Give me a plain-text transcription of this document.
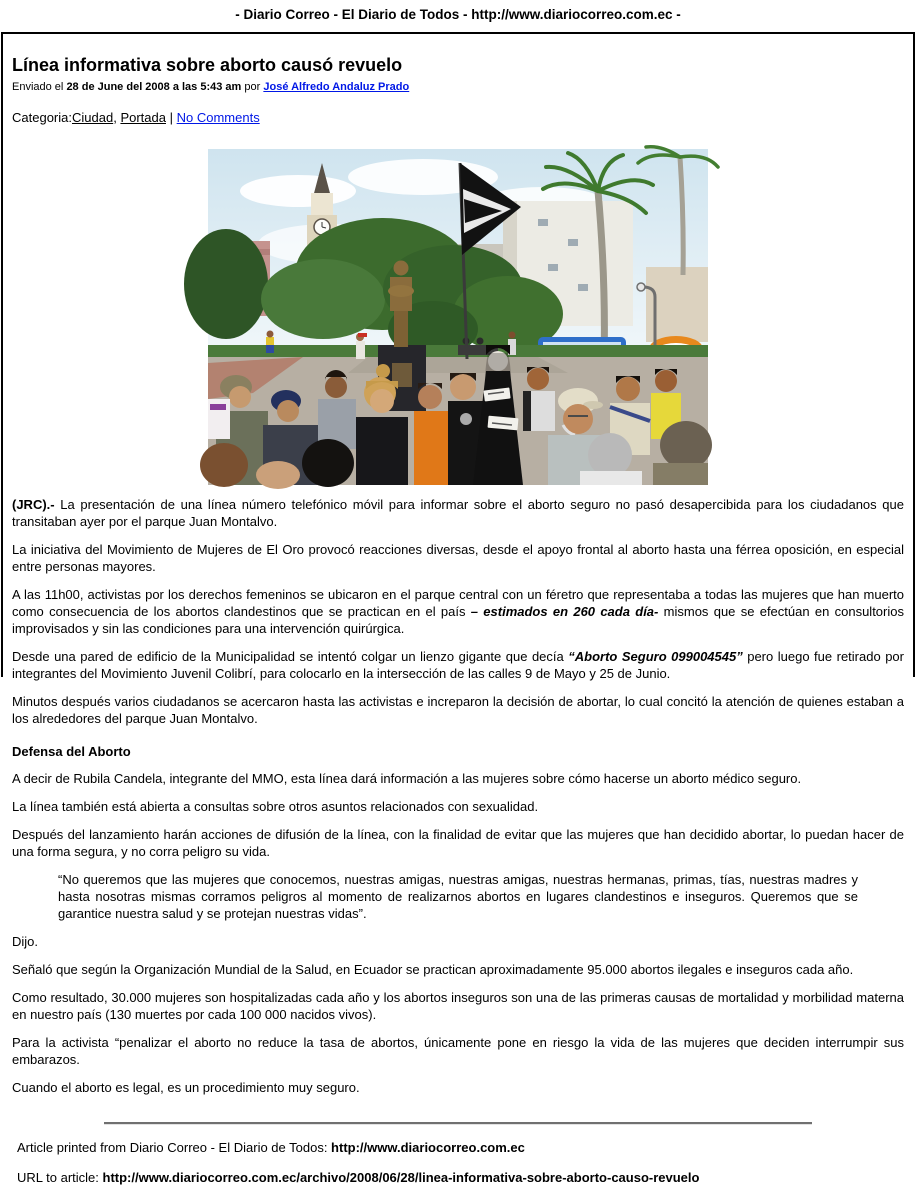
- Diario Correo - El Diario de Todos - http://www.diariocorreo.com.ec -
Línea informativa sobre aborto causó revuelo
Enviado el 28 de June del 2008 a las 5:43 am por José Alfredo Andaluz Prado
Categoria:Ciudad, Portada | No Comments

(JRC).- La presentación de una línea número telefónico móvil para informar sobre el aborto seguro no pasó desapercibida para los ciudadanos que transitaban ayer por el parque Juan Montalvo.

La iniciativa del Movimiento de Mujeres de El Oro provocó reacciones diversas, desde el apoyo frontal al aborto hasta una férrea oposición, en especial entre personas mayores.

A las 11h00, activistas por los derechos femeninos se ubicaron en el parque central con un féretro que representaba a todas las mujeres que han muerto como consecuencia de los abortos clandestinos que se practican en el país – estimados en 260 cada día- mismos que se efectúan en consultorios improvisados y sin las condiciones para una intervención quirúrgica.

Desde una pared de edificio de la Municipalidad se intentó colgar un lienzo gigante que decía “Aborto Seguro 099004545” pero luego fue retirado por integrantes del Movimiento Juvenil Colibrí, para colocarlo en la intersección de las calles 9 de Mayo y 25 de Junio.

Minutos después varios ciudadanos se acercaron hasta las activistas e increparon la decisión de abortar, lo cual concitó la atención de quienes estaban a los alrededores del parque Juan Montalvo.

Defensa del Aborto

A decir de Rubila Candela, integrante del MMO, esta línea dará información a las mujeres sobre cómo hacerse un aborto médico seguro.

La línea también está abierta a consultas sobre otros asuntos relacionados con sexualidad.

Después del lanzamiento harán acciones de difusión de la línea, con la finalidad de evitar que las mujeres que han decidido abortar, lo puedan hacer de una forma segura, y no corra peligro su vida.

“No queremos que las mujeres que conocemos, nuestras amigas, nuestras amigas, nuestras hermanas, primas, tías, nuestras madres y hasta nosotras mismas corramos peligros al momento de realizarnos abortos en lugares clandestinos e inseguros. Queremos que se garantice nuestra salud y se protejan nuestras vidas”.

Dijo.

Señaló que según la Organización Mundial de la Salud, en Ecuador se practican aproximadamente 95.000 abortos ilegales e inseguros cada año.

Como resultado, 30.000 mujeres son hospitalizadas cada año y los abortos inseguros son una de las primeras causas de mortalidad y morbilidad materna en nuestro país (130 muertes por cada 100 000 nacidos vivos).

Para la activista “penalizar el aborto no reduce la tasa de abortos, únicamente pone en riesgo la vida de las mujeres que deciden interrumpir sus embarazos.

Cuando el aborto es legal, es un procedimiento muy seguro.

Article printed from Diario Correo - El Diario de Todos: http://www.diariocorreo.com.ec

URL to article: http://www.diariocorreo.com.ec/archivo/2008/06/28/linea-informativa-sobre-aborto-causo-revuelo
